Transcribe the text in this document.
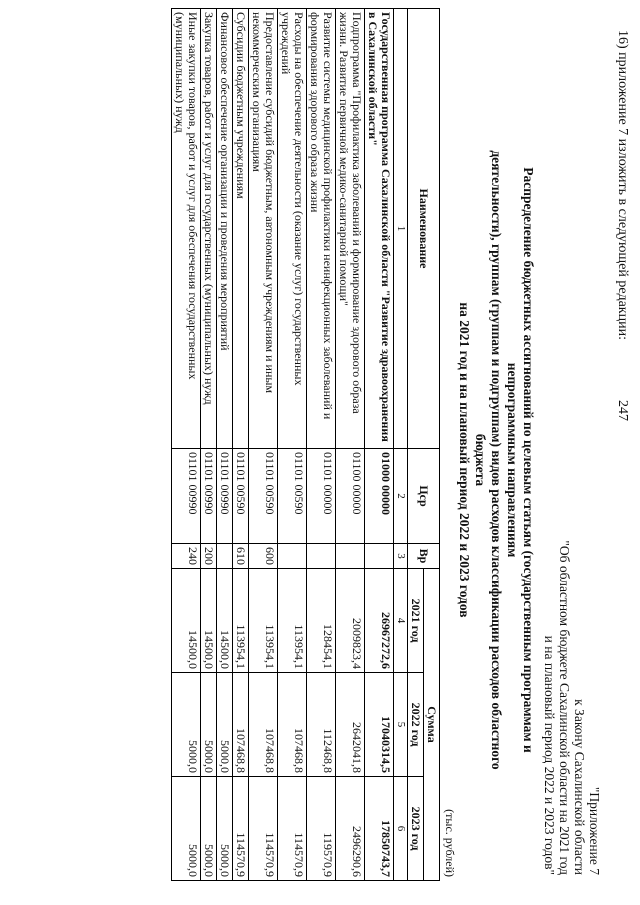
16) приложение 7 изложить в следующей редакции:
247
"Приложение 7
к Закону Сахалинской области
"Об областном бюджете Сахалинской области на 2021 год
и на плановый период 2022 и 2023 годов"
Распределение бюджетных ассигнований по целевым статьям (государственным программам и непрограммным направлениям
деятельности), группам (группам и подгруппам) видов расходов классификации расходов областного бюджета
на 2021 год и на плановый период 2022 и 2023 годов
(тыс. рублей)
Наименование	Цср	Вр	Сумма		
			2021 год	2022 год	2023 год
1	2	3	4	5	6
Государственная программа Сахалинской области "Развитие здравоохранения в Сахалинской области"	01000 00000		26967272,6	17040314,5	17850743,7
Подпрограмма "Профилактика заболеваний и формирование здорового образа жизни. Развитие первичной медико-санитарной помощи"	01100 00000		2009823,4	2642041,8	2496290,6
Развитие системы медицинской профилактики неинфекционных заболеваний и формирования здорового образа жизни	01101 00000		128454,1	112468,8	119570,9
Расходы на обеспечение деятельности (оказание услуг) государственных учреждений	01101 00590		113954,1	107468,8	114570,9
Предоставление субсидий бюджетным, автономным учреждениям и иным некоммерческим организациям	01101 00590	600	113954,1	107468,8	114570,9
Субсидии бюджетным учреждениям	01101 00590	610	113954,1	107468,8	114570,9
Финансовое обеспечение организации и проведения мероприятий	01101 00990		14500,0	5000,0	5000,0
Закупка товаров, работ и услуг для государственных (муниципальных) нужд	01101 00990	200	14500,0	5000,0	5000,0
Иные закупки товаров, работ и услуг для обеспечения государственных (муниципальных) нужд	01101 00990	240	14500,0	5000,0	5000,0
